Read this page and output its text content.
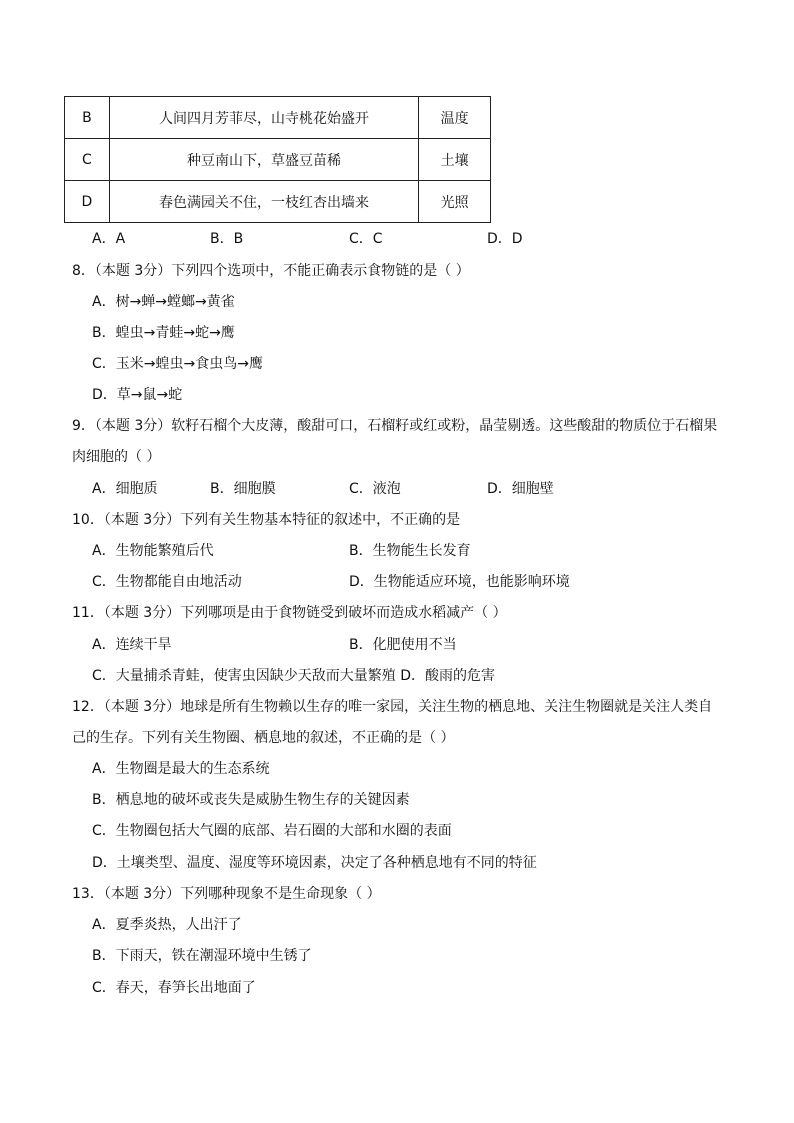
B	人间四月芳菲尽，山寺桃花始盛开	温度
C	种豆南山下，草盛豆苗稀	土壤
D	春色满园关不住，一枝红杏出墙来	光照
A．A	B．B	C．C	D．D
8．（本题 3分）下列四个选项中，不能正确表示食物链的是（ ）
A．树→蝉→螳螂→黄雀
B．蝗虫→青蛙→蛇→鹰
C．玉米→蝗虫→食虫鸟→鹰
D．草→鼠→蛇
9．（本题 3分）软籽石榴个大皮薄，酸甜可口，石榴籽或红或粉，晶莹剔透。这些酸甜的物质位于石榴果
肉细胞的（ ）
A．细胞质	B．细胞膜	C．液泡	D．细胞壁
10．（本题 3分）下列有关生物基本特征的叙述中，不正确的是
A．生物能繁殖后代	B．生物能生长发育
C．生物都能自由地活动	D．生物能适应环境，也能影响环境
11．（本题 3分）下列哪项是由于食物链受到破坏而造成水稻减产（ ）
A．连续干旱	B．化肥使用不当
C．大量捕杀青蛙，使害虫因缺少天敌而大量繁殖 D．酸雨的危害
12．（本题 3分）地球是所有生物赖以生存的唯一家园，关注生物的栖息地、关注生物圈就是关注人类自
己的生存。下列有关生物圈、栖息地的叙述，不正确的是（ ）
A．生物圈是最大的生态系统
B．栖息地的破坏或丧失是威胁生物生存的关键因素
C．生物圈包括大气圈的底部、岩石圈的大部和水圈的表面
D．土壤类型、温度、湿度等环境因素，决定了各种栖息地有不同的特征
13．（本题 3分）下列哪种现象不是生命现象（ ）
A．夏季炎热，人出汗了
B．下雨天，铁在潮湿环境中生锈了
C．春天，春笋长出地面了
